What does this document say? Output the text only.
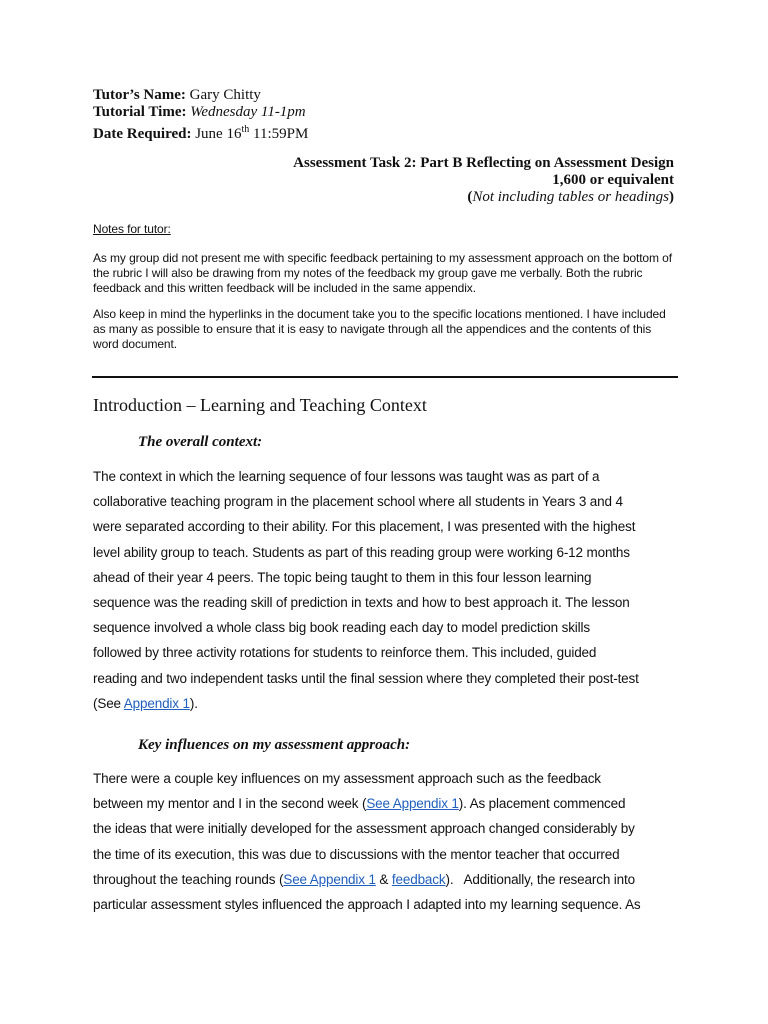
Tutor’s Name: Gary Chitty
Tutorial Time: Wednesday 11-1pm
Date Required: June 16th 11:59PM
Assessment Task 2: Part B Reflecting on Assessment Design
1,600 or equivalent
(Not including tables or headings)
Notes for tutor:

As my group did not present me with specific feedback pertaining to my assessment approach on the bottom of the rubric I will also be drawing from my notes of the feedback my group gave me verbally. Both the rubric feedback and this written feedback will be included in the same appendix.

Also keep in mind the hyperlinks in the document take you to the specific locations mentioned. I have included as many as possible to ensure that it is easy to navigate through all the appendices and the contents of this word document.

Introduction – Learning and Teaching Context
The overall context:
The context in which the learning sequence of four lessons was taught was as part of a
collaborative teaching program in the placement school where all students in Years 3 and 4
were separated according to their ability. For this placement, I was presented with the highest
level ability group to teach. Students as part of this reading group were working 6-12 months
ahead of their year 4 peers. The topic being taught to them in this four lesson learning
sequence was the reading skill of prediction in texts and how to best approach it. The lesson
sequence involved a whole class big book reading each day to model prediction skills
followed by three activity rotations for students to reinforce them. This included, guided
reading and two independent tasks until the final session where they completed their post-test
(See Appendix 1).
Key influences on my assessment approach:
There were a couple key influences on my assessment approach such as the feedback
between my mentor and I in the second week (See Appendix 1). As placement commenced
the ideas that were initially developed for the assessment approach changed considerably by
the time of its execution, this was due to discussions with the mentor teacher that occurred
throughout the teaching rounds (See Appendix 1 & feedback).   Additionally, the research into
particular assessment styles influenced the approach I adapted into my learning sequence. As
